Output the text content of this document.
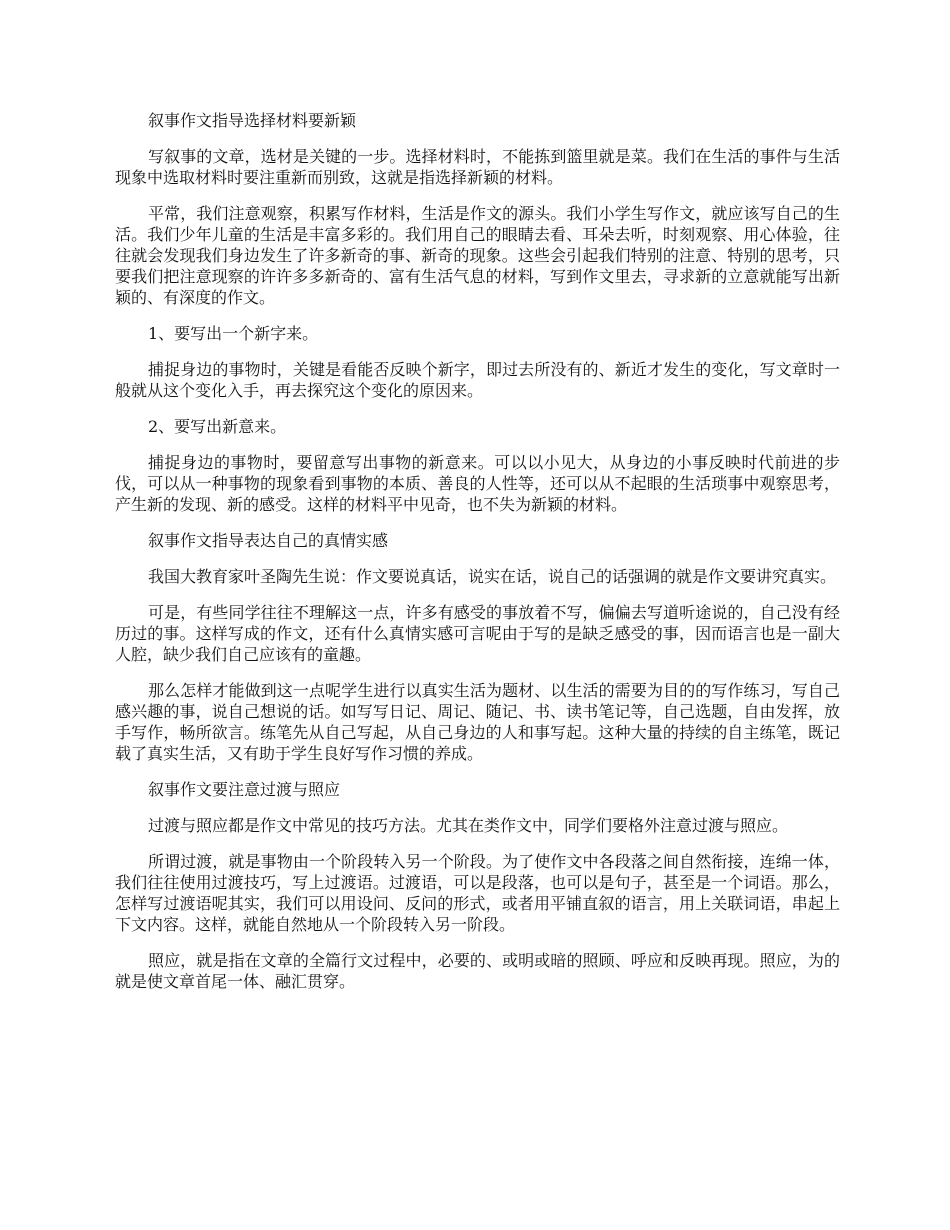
叙事作文指导选择材料要新颖

写叙事的文章，选材是关键的一步。选择材料时，不能拣到篮里就是菜。我们在生活的事件与生活现象中选取材料时要注重新而别致，这就是指选择新颖的材料。

平常，我们注意观察，积累写作材料，生活是作文的源头。我们小学生写作文，就应该写自己的生活。我们少年儿童的生活是丰富多彩的。我们用自己的眼睛去看、耳朵去听，时刻观察、用心体验，往往就会发现我们身边发生了许多新奇的事、新奇的现象。这些会引起我们特别的注意、特别的思考，只要我们把注意现察的许许多多新奇的、富有生活气息的材料，写到作文里去，寻求新的立意就能写出新颖的、有深度的作文。

1、要写出一个新字来。

捕捉身边的事物时，关键是看能否反映个新字，即过去所没有的、新近才发生的变化，写文章时一般就从这个变化入手，再去探究这个变化的原因来。

2、要写出新意来。

捕捉身边的事物时，要留意写出事物的新意来。可以以小见大，从身边的小事反映时代前进的步伐，可以从一种事物的现象看到事物的本质、善良的人性等，还可以从不起眼的生活琐事中观察思考，产生新的发现、新的感受。这样的材料平中见奇，也不失为新颖的材料。

叙事作文指导表达自己的真情实感

我国大教育家叶圣陶先生说：作文要说真话，说实在话，说自己的话强调的就是作文要讲究真实。

可是，有些同学往往不理解这一点，许多有感受的事放着不写，偏偏去写道听途说的，自己没有经历过的事。这样写成的作文，还有什么真情实感可言呢由于写的是缺乏感受的事，因而语言也是一副大人腔，缺少我们自己应该有的童趣。

那么怎样才能做到这一点呢学生进行以真实生活为题材、以生活的需要为目的的写作练习，写自己感兴趣的事，说自己想说的话。如写写日记、周记、随记、书、读书笔记等，自己选题，自由发挥，放手写作，畅所欲言。练笔先从自己写起，从自己身边的人和事写起。这种大量的持续的自主练笔，既记载了真实生活，又有助于学生良好写作习惯的养成。

叙事作文要注意过渡与照应

过渡与照应都是作文中常见的技巧方法。尤其在类作文中，同学们要格外注意过渡与照应。

所谓过渡，就是事物由一个阶段转入另一个阶段。为了使作文中各段落之间自然衔接，连绵一体，我们往往使用过渡技巧，写上过渡语。过渡语，可以是段落，也可以是句子，甚至是一个词语。那么，怎样写过渡语呢其实，我们可以用设问、反问的形式，或者用平铺直叙的语言，用上关联词语，串起上下文内容。这样，就能自然地从一个阶段转入另一阶段。

照应，就是指在文章的全篇行文过程中，必要的、或明或暗的照顾、呼应和反映再现。照应，为的就是使文章首尾一体、融汇贯穿。
